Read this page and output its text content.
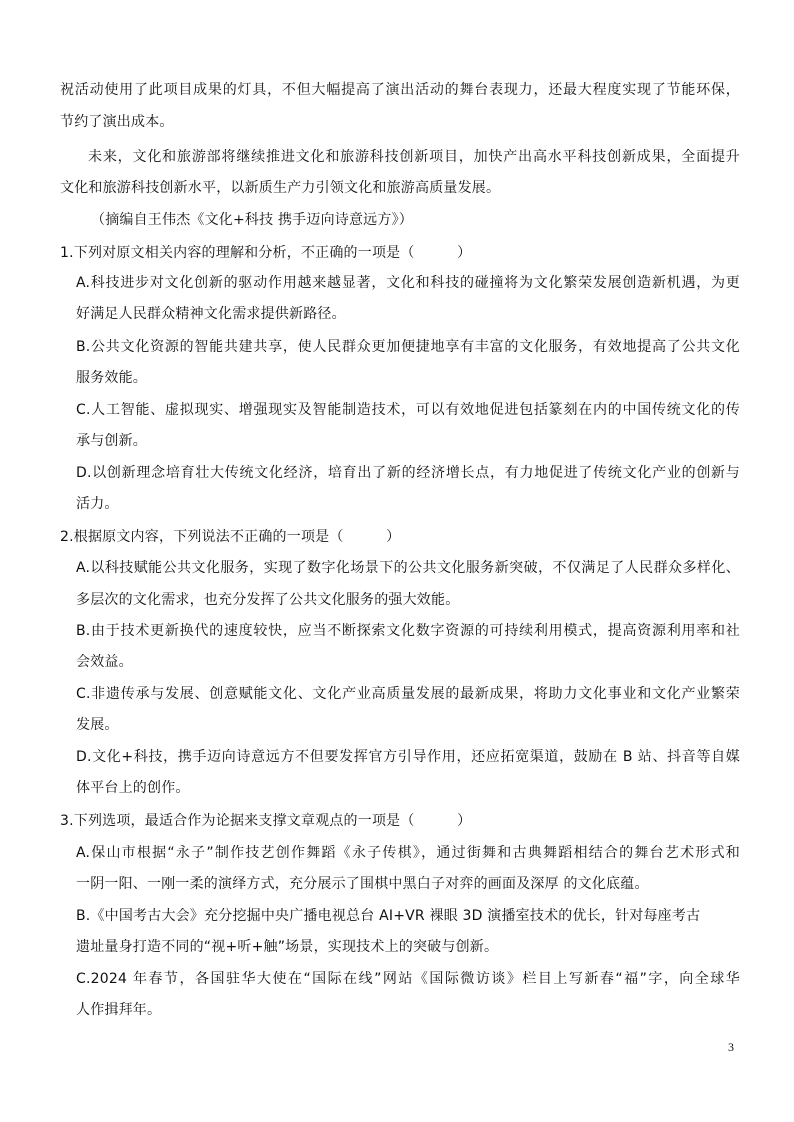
祝活动使用了此项目成果的灯具，不但大幅提高了演出活动的舞台表现力，还最大程度实现了节能环保，
节约了演出成本。
未来，文化和旅游部将继续推进文化和旅游科技创新项目，加快产出高水平科技创新成果，全面提升
文化和旅游科技创新水平，以新质生产力引领文化和旅游高质量发展。
（摘编自王伟杰《文化+科技 携手迈向诗意远方》）
1.下列对原文相关内容的理解和分析，不正确的一项是（　　　）
A.科技进步对文化创新的驱动作用越来越显著，文化和科技的碰撞将为文化繁荣发展创造新机遇，为更
好满足人民群众精神文化需求提供新路径。
B.公共文化资源的智能共建共享，使人民群众更加便捷地享有丰富的文化服务，有效地提高了公共文化
服务效能。
C.人工智能、虚拟现实、增强现实及智能制造技术，可以有效地促进包括篆刻在内的中国传统文化的传
承与创新。
D.以创新理念培育壮大传统文化经济，培育出了新的经济增长点，有力地促进了传统文化产业的创新与
活力。
2.根据原文内容，下列说法不正确的一项是（　　　）
A.以科技赋能公共文化服务，实现了数字化场景下的公共文化服务新突破，不仅满足了人民群众多样化、
多层次的文化需求，也充分发挥了公共文化服务的强大效能。
B.由于技术更新换代的速度较快，应当不断探索文化数字资源的可持续利用模式，提高资源利用率和社
会效益。
C.非遗传承与发展、创意赋能文化、文化产业高质量发展的最新成果，将助力文化事业和文化产业繁荣
发展。
D.文化+科技，携手迈向诗意远方不但要发挥官方引导作用，还应拓宽渠道，鼓励在 B 站、抖音等自媒
体平台上的创作。
3.下列选项，最适合作为论据来支撑文章观点的一项是（　　　）
A.保山市根据“永子”制作技艺创作舞蹈《永子传棋》，通过街舞和古典舞蹈相结合的舞台艺术形式和
一阴一阳、一刚一柔的演绎方式，充分展示了围棋中黑白子对弈的画面及深厚 的文化底蕴。
B.《中国考古大会》充分挖掘中央广播电视总台 AI+VR 裸眼 3D 演播室技术的优长，针对每座考古
遗址量身打造不同的“视+听+触”场景，实现技术上的突破与创新。
C.2024 年春节，各国驻华大使在“国际在线”网站《国际微访谈》栏目上写新春“福”字，向全球华
人作揖拜年。
3
